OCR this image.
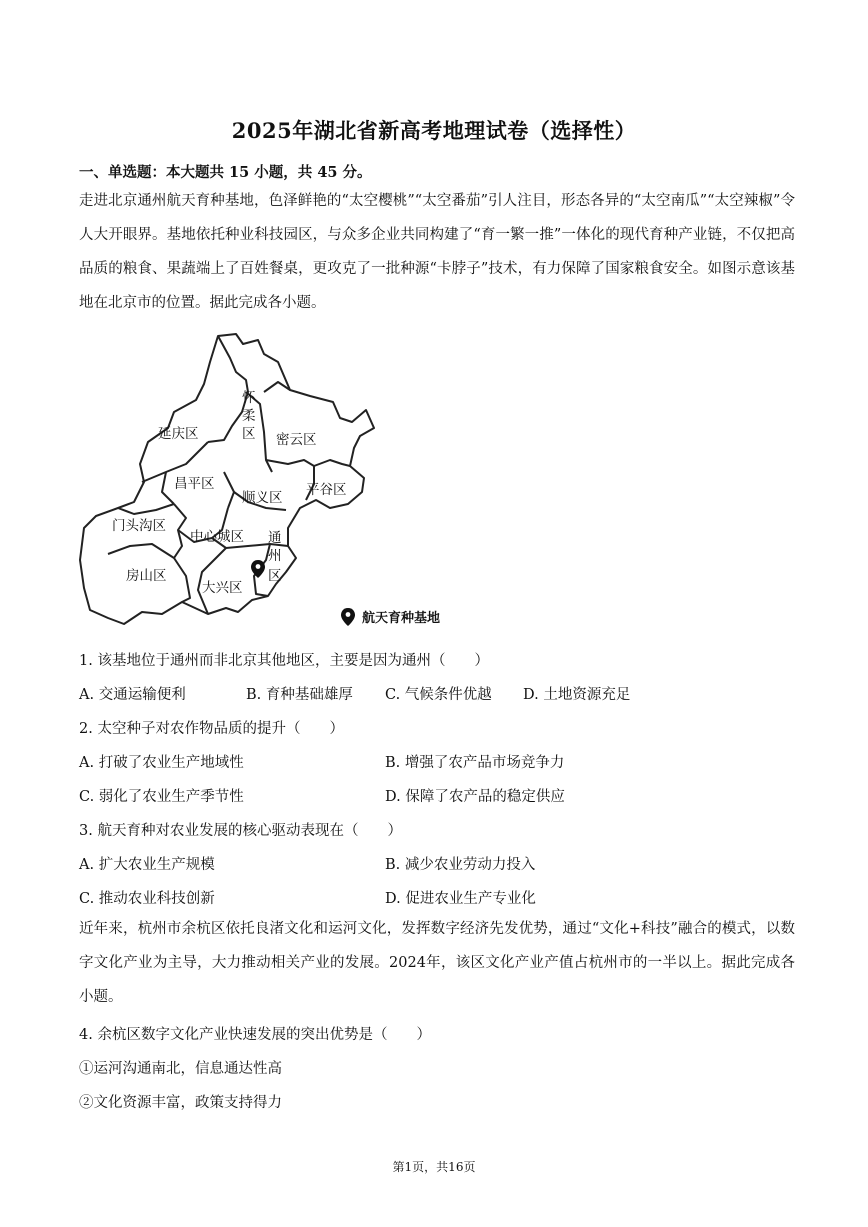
2025年湖北省新高考地理试卷（选择性）
一、单选题：本大题共 15 小题，共 45 分。
走进北京通州航天育种基地，色泽鲜艳的“太空樱桃”“太空番茄”引人注目，形态各异的“太空南瓜”“太空辣椒”令人大开眼界。基地依托种业科技园区，与众多企业共同构建了“育一繁一推”一体化的现代育种产业链，不仅把高品质的粮食、果蔬端上了百姓餐桌，更攻克了一批种源“卡脖子”技术，有力保障了国家粮食安全。如图示意该基地在北京市的位置。据此完成各小题。
怀
柔
区
延庆区	密云区
昌平区
顺义区 平谷区
门头沟区
中心城区 通
州
区
房山区
大兴区
航天育种基地
1. 该基地位于通州而非北京其他地区，主要是因为通州（　　）
A. 交通运输便利	B. 育种基础雄厚 C. 气候条件优越 D. 土地资源充足
2. 太空种子对农作物品质的提升（　　）
A. 打破了农业生产地域性	B. 增强了农产品市场竞争力
C. 弱化了农业生产季节性	D. 保障了农产品的稳定供应
3. 航天育种对农业发展的核心驱动表现在（　　）
A. 扩大农业生产规模	B. 减少农业劳动力投入
C. 推动农业科技创新	D. 促进农业生产专业化
近年来，杭州市余杭区依托良渚文化和运河文化，发挥数字经济先发优势，通过“文化+科技”融合的模式，以数字文化产业为主导，大力推动相关产业的发展。2024年，该区文化产业产值占杭州市的一半以上。据此完成各小题。
4. 余杭区数字文化产业快速发展的突出优势是（　　）
①运河沟通南北，信息通达性高
②文化资源丰富，政策支持得力
第1页，共16页
